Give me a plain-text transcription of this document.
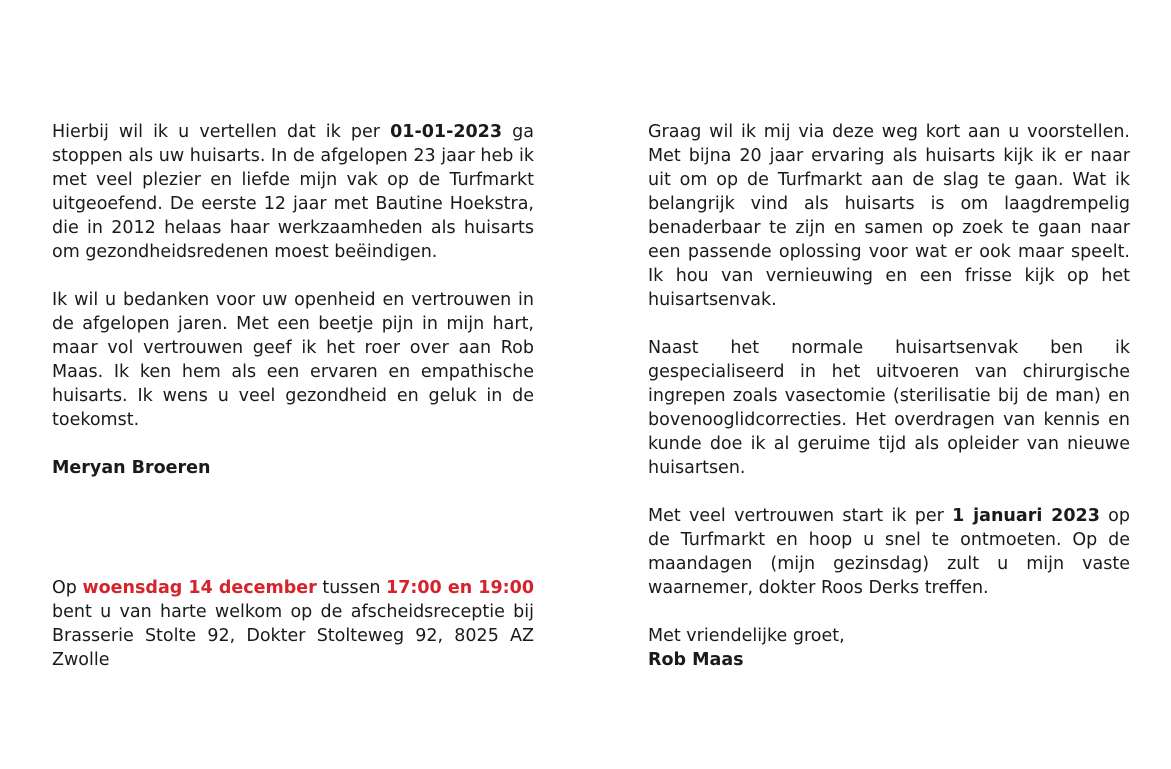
Hierbij wil ik u vertellen dat ik per 01-01-2023 ga stoppen als uw huisarts. In de afgelopen 23 jaar heb ik met veel plezier en liefde mijn vak op de Turfmarkt uitgeoefend. De eerste 12 jaar met Bautine Hoekstra, die in 2012 helaas haar werkzaamheden als huisarts om gezondheidsredenen moest beëindigen.

Ik wil u bedanken voor uw openheid en vertrouwen in de afgelopen jaren. Met een beetje pijn in mijn hart, maar vol vertrouwen geef ik het roer over aan Rob Maas. Ik ken hem als een ervaren en empathische huisarts. Ik wens u veel gezondheid en geluk in de toekomst.

Meryan Broeren

Op woensdag 14 december tussen 17:00 en 19:00 bent u van harte welkom op de afscheidsreceptie bij Brasserie Stolte 92, Dokter Stolteweg 92, 8025 AZ Zwolle

Graag wil ik mij via deze weg kort aan u voorstellen. Met bijna 20 jaar ervaring als huisarts kijk ik er naar uit om op de Turfmarkt aan de slag te gaan. Wat ik belangrijk vind als huisarts is om laagdrempelig benaderbaar te zijn en samen op zoek te gaan naar een passende oplossing voor wat er ook maar speelt. Ik hou van vernieuwing en een frisse kijk op het huisartsenvak.

Naast het normale huisartsenvak ben ik gespecialiseerd in het uitvoeren van chirurgische ingrepen zoals vasectomie (sterilisatie bij de man) en bovenooglidcorrecties. Het overdragen van kennis en kunde doe ik al geruime tijd als opleider van nieuwe huisartsen.

Met veel vertrouwen start ik per 1 januari 2023 op de Turfmarkt en hoop u snel te ontmoeten. Op de maandagen (mijn gezinsdag) zult u mijn vaste waarnemer, dokter Roos Derks treffen.

Met vriendelijke groet,

Rob Maas
